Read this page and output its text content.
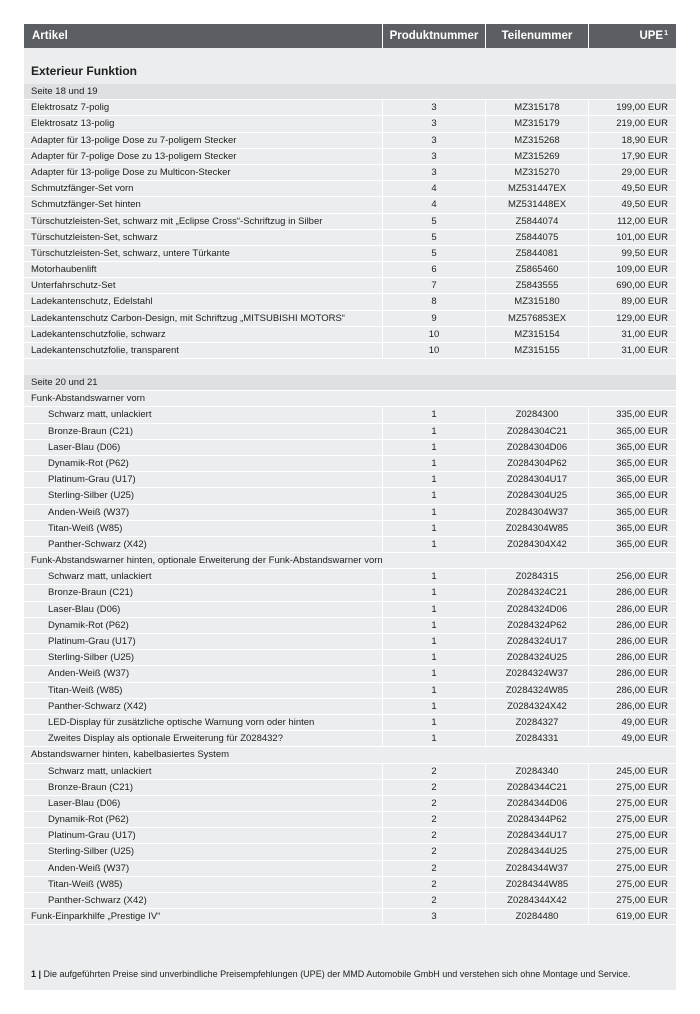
Artikel	Produktnummer	Teilenummer	UPE$^1$
Exterieur Funktion
Seite 18 und 19
Elektrosatz 7-polig	3	MZ315178	199,00 EUR
Elektrosatz 13-polig	3	MZ315179	219,00 EUR
Adapter für 13-polige Dose zu 7-poligem Stecker	3	MZ315268	18,90 EUR
Adapter für 7-polige Dose zu 13-poligem Stecker	3	MZ315269	17,90 EUR
Adapter für 13-polige Dose zu Multicon-Stecker	3	MZ315270	29,00 EUR
Schmutzfänger-Set vorn	4	MZ531447EX	49,50 EUR
Schmutzfänger-Set hinten	4	MZ531448EX	49,50 EUR
Türschutzleisten-Set, schwarz mit „Eclipse Cross“-Schriftzug in Silber	5	Z5844074	112,00 EUR
Türschutzleisten-Set, schwarz	5	Z5844075	101,00 EUR
Türschutzleisten-Set, schwarz, untere Türkante	5	Z5844081	99,50 EUR
Motorhaubenlift	6	Z5865460	109,00 EUR
Unterfahrschutz-Set	7	Z5843555	690,00 EUR
Ladekantenschutz, Edelstahl	8	MZ315180	89,00 EUR
Ladekantenschutz Carbon-Design, mit Schriftzug „MITSUBISHI MOTORS“	9	MZ576853EX	129,00 EUR
Ladekantenschutzfolie, schwarz	10	MZ315154	31,00 EUR
Ladekantenschutzfolie, transparent	10	MZ315155	31,00 EUR
Seite 20 und 21
Funk-Abstandswarner vorn
Schwarz matt, unlackiert	1	Z0284300	335,00 EUR
Bronze-Braun (C21)	1	Z0284304C21	365,00 EUR
Laser-Blau (D06)	1	Z0284304D06	365,00 EUR
Dynamik-Rot (P62)	1	Z0284304P62	365,00 EUR
Platinum-Grau (U17)	1	Z0284304U17	365,00 EUR
Sterling-Silber (U25)	1	Z0284304U25	365,00 EUR
Anden-Weiß (W37)	1	Z0284304W37	365,00 EUR
Titan-Weiß (W85)	1	Z0284304W85	365,00 EUR
Panther-Schwarz (X42)	1	Z0284304X42	365,00 EUR
Funk-Abstandswarner hinten, optionale Erweiterung der Funk-Abstandswarner vorn
Schwarz matt, unlackiert	1	Z0284315	256,00 EUR
Bronze-Braun (C21)	1	Z0284324C21	286,00 EUR
Laser-Blau (D06)	1	Z0284324D06	286,00 EUR
Dynamik-Rot (P62)	1	Z0284324P62	286,00 EUR
Platinum-Grau (U17)	1	Z0284324U17	286,00 EUR
Sterling-Silber (U25)	1	Z0284324U25	286,00 EUR
Anden-Weiß (W37)	1	Z0284324W37	286,00 EUR
Titan-Weiß (W85)	1	Z0284324W85	286,00 EUR
Panther-Schwarz (X42)	1	Z0284324X42	286,00 EUR
LED-Display für zusätzliche optische Warnung vorn oder hinten	1	Z0284327	49,00 EUR
Zweites Display als optionale Erweiterung für Z028432?	1	Z0284331	49,00 EUR
Abstandswarner hinten, kabelbasiertes System
Schwarz matt, unlackiert	2	Z0284340	245,00 EUR
Bronze-Braun (C21)	2	Z0284344C21	275,00 EUR
Laser-Blau (D06)	2	Z0284344D06	275,00 EUR
Dynamik-Rot (P62)	2	Z0284344P62	275,00 EUR
Platinum-Grau (U17)	2	Z0284344U17	275,00 EUR
Sterling-Silber (U25)	2	Z0284344U25	275,00 EUR
Anden-Weiß (W37)	2	Z0284344W37	275,00 EUR
Titan-Weiß (W85)	2	Z0284344W85	275,00 EUR
Panther-Schwarz (X42)	2	Z0284344X42	275,00 EUR
Funk-Einparkhilfe „Prestige IV“	3	Z0284480	619,00 EUR
1 | Die aufgeführten Preise sind unverbindliche Preisempfehlungen (UPE) der MMD Automobile GmbH und verstehen sich ohne Montage und Service.
